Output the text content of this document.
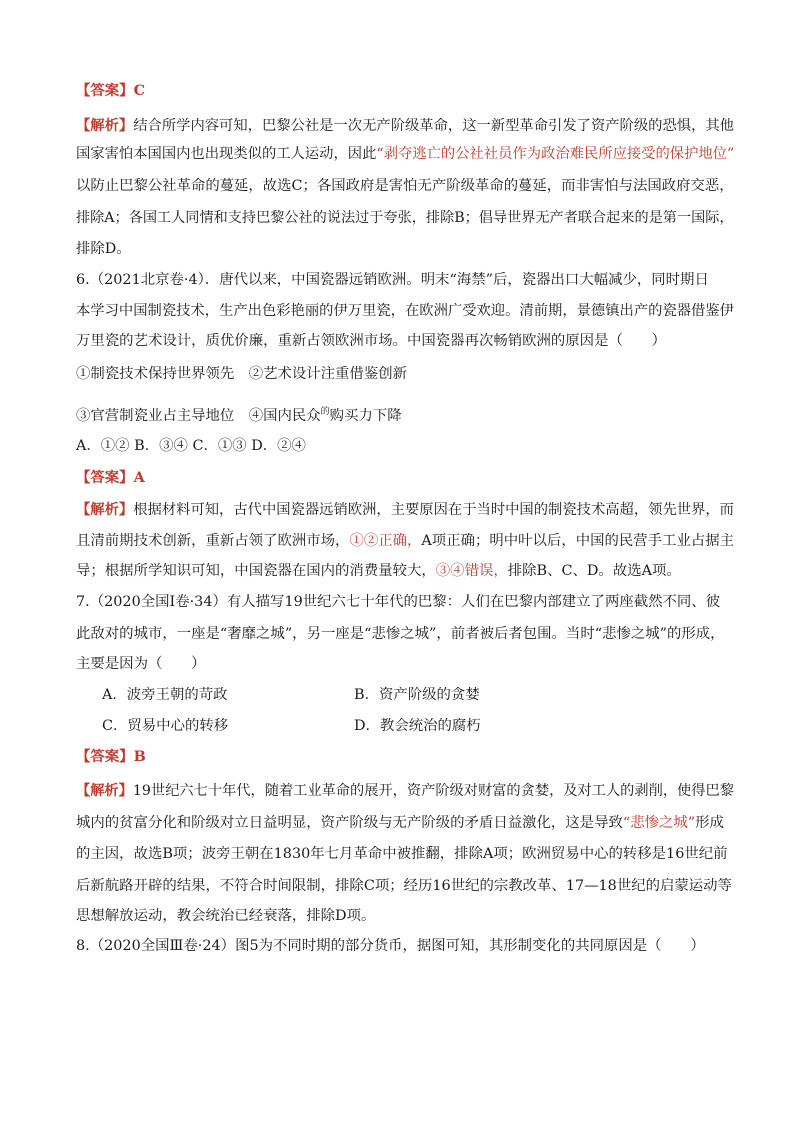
【答案】C
【解析】结合所学内容可知，巴黎公社是一次无产阶级革命，这一新型革命引发了资产阶级的恐惧，其他
国家害怕本国国内也出现类似的工人运动，因此“剥夺逃亡的公社社员作为政治难民所应接受的保护地位”
以防止巴黎公社革命的蔓延，故选C；各国政府是害怕无产阶级革命的蔓延，而非害怕与法国政府交恶，
排除A；各国工人同情和支持巴黎公社的说法过于夸张，排除B；倡导世界无产者联合起来的是第一国际，
排除D。
6.（2021北京卷·4）．唐代以来，中国瓷器远销欧洲。明末“海禁”后，瓷器出口大幅减少，同时期日
本学习中国制瓷技术，生产出色彩艳丽的伊万里瓷，在欧洲广受欢迎。清前期，景德镇出产的瓷器借鉴伊
万里瓷的艺术设计，质优价廉，重新占领欧洲市场。中国瓷器再次畅销欧洲的原因是（　　）
①制瓷技术保持世界领先　②艺术设计注重借鉴创新
③官营制瓷业占主导地位　④国内民众$^的$购买力下降
A．①② B．③④ C．①③ D．②④
【答案】A
【解析】根据材料可知，古代中国瓷器远销欧洲，主要原因在于当时中国的制瓷技术高超，领先世界，而
且清前期技术创新，重新占领了欧洲市场，①②正确，A项正确；明中叶以后，中国的民营手工业占据主
导；根据所学知识可知，中国瓷器在国内的消费量较大，③④错误，排除B、C、D。故选A项。
7.（2020全国Ⅰ卷·34）有人描写19世纪六七十年代的巴黎：人们在巴黎内部建立了两座截然不同、彼
此敌对的城市，一座是“奢靡之城”，另一座是“悲惨之城”，前者被后者包围。当时“悲惨之城”的形成，
主要是因为（　　）
A．波旁王朝的苛政	B．资产阶级的贪婪
C．贸易中心的转移	D．教会统治的腐朽
【答案】B
【解析】19世纪六七十年代，随着工业革命的展开，资产阶级对财富的贪婪，及对工人的剥削，使得巴黎
城内的贫富分化和阶级对立日益明显，资产阶级与无产阶级的矛盾日益激化，这是导致“悲惨之城”形成
的主因，故选B项；波旁王朝在1830年七月革命中被推翻，排除A项；欧洲贸易中心的转移是16世纪前
后新航路开辟的结果，不符合时间限制，排除C项；经历16世纪的宗教改革、17—18世纪的启蒙运动等
思想解放运动，教会统治已经衰落，排除D项。
8.（2020全国Ⅲ卷·24）图5为不同时期的部分货币，据图可知，其形制变化的共同原因是（　　）
